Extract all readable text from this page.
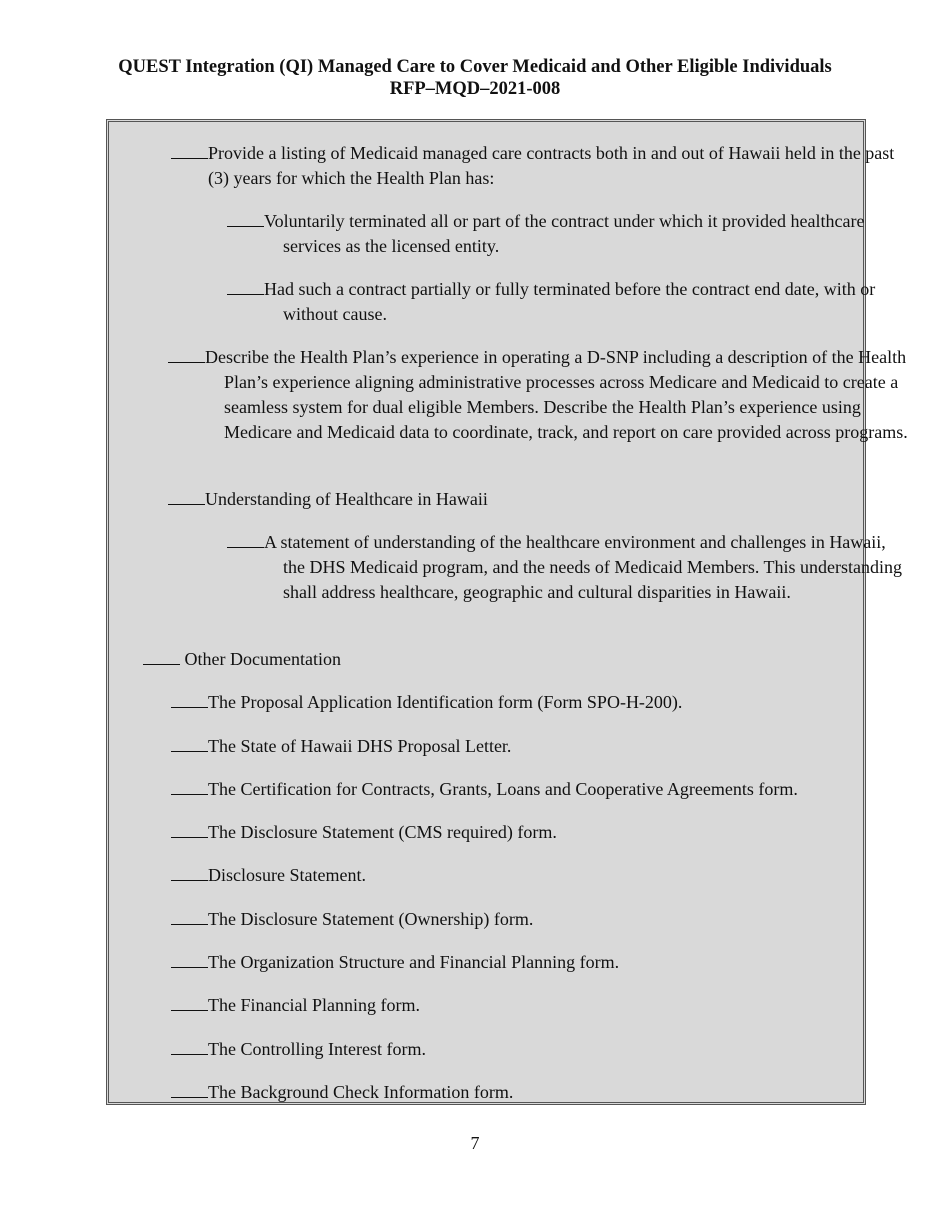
QUEST Integration (QI) Managed Care to Cover Medicaid and Other Eligible Individuals
RFP–MQD–2021-008
Provide a listing of Medicaid managed care contracts both in and out of Hawaii held in the past (3) years for which the Health Plan has:
Voluntarily terminated all or part of the contract under which it provided healthcare services as the licensed entity.
Had such a contract partially or fully terminated before the contract end date, with or without cause.
Describe the Health Plan’s experience in operating a D-SNP including a description of the Health Plan’s experience aligning administrative processes across Medicare and Medicaid to create a seamless system for dual eligible Members. Describe the Health Plan’s experience using Medicare and Medicaid data to coordinate, track, and report on care provided across programs.
Understanding of Healthcare in Hawaii
A statement of understanding of the healthcare environment and challenges in Hawaii, the DHS Medicaid program, and the needs of Medicaid Members. This understanding shall address healthcare, geographic and cultural disparities in Hawaii.
Other Documentation
The Proposal Application Identification form (Form SPO-H-200).
The State of Hawaii DHS Proposal Letter.
The Certification for Contracts, Grants, Loans and Cooperative Agreements form.
The Disclosure Statement (CMS required) form.
Disclosure Statement.
The Disclosure Statement (Ownership) form.
The Organization Structure and Financial Planning form.
The Financial Planning form.
The Controlling Interest form.
The Background Check Information form.
7
